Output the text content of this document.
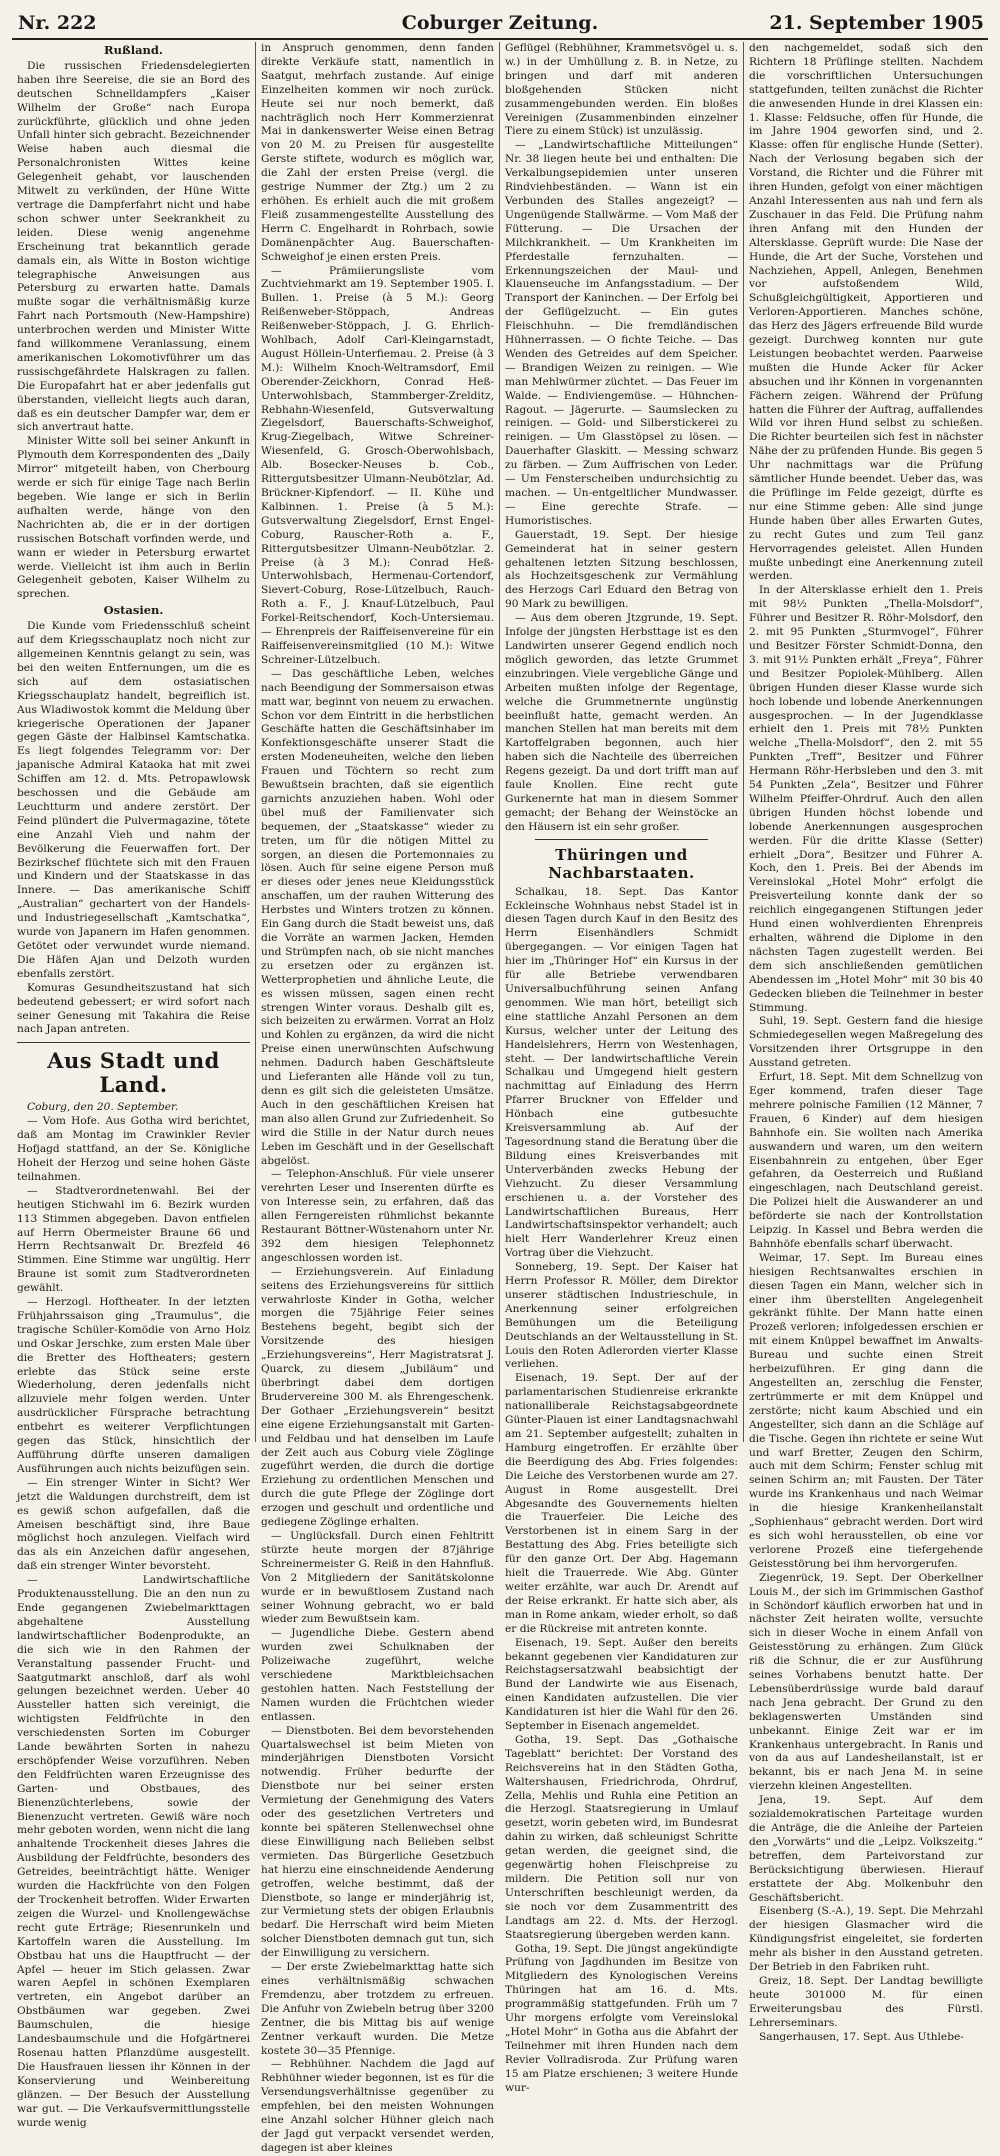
Nr. 222	Coburger Zeitung.	21. September 1905
Rußland.

Die russischen Friedensdelegierten haben ihre Seereise, die sie an Bord des deutschen Schnelldampfers „Kaiser Wilhelm der Große“ nach Europa zurückführte, glücklich und ohne jeden Unfall hinter sich gebracht. Bezeichnender Weise haben auch diesmal die Personalchronisten Wittes keine Gelegenheit gehabt, vor lauschenden Mitwelt zu verkünden, der Hüne Witte vertrage die Dampferfahrt nicht und habe schon schwer unter Seekrankheit zu leiden. Diese wenig angenehme Erscheinung trat bekanntlich gerade damals ein, als Witte in Boston wichtige telegraphische Anweisungen aus Petersburg zu erwarten hatte. Damals mußte sogar die verhältnismäßig kurze Fahrt nach Portsmouth (New-Hampshire) unterbrochen werden und Minister Witte fand willkommene Veranlassung, einem amerikanischen Lokomotivführer um das russischgefährdete Halskragen zu fallen. Die Europafahrt hat er aber jedenfalls gut überstanden, vielleicht liegts auch daran, daß es ein deutscher Dampfer war, dem er sich anvertraut hatte.

Minister Witte soll bei seiner Ankunft in Plymouth dem Korrespondenten des „Daily Mirror“ mitgeteilt haben, von Cherbourg werde er sich für einige Tage nach Berlin begeben. Wie lange er sich in Berlin aufhalten werde, hänge von den Nachrichten ab, die er in der dortigen russischen Botschaft vorfinden werde, und wann er wieder in Petersburg erwartet werde. Vielleicht ist ihm auch in Berlin Gelegenheit geboten, Kaiser Wilhelm zu sprechen.

Ostasien.

Die Kunde vom Friedensschluß scheint auf dem Kriegsschauplatz noch nicht zur allgemeinen Kenntnis gelangt zu sein, was bei den weiten Entfernungen, um die es sich auf dem ostasiatischen Kriegsschauplatz handelt, begreiflich ist. Aus Wladiwostok kommt die Meldung über kriegerische Operationen der Japaner gegen Gäste der Halbinsel Kamtschatka. Es liegt folgendes Telegramm vor: Der japanische Admiral Kataoka hat mit zwei Schiffen am 12. d. Mts. Petropawlowsk beschossen und die Gebäude am Leuchtturm und andere zerstört. Der Feind plündert die Pulvermagazine, tötete eine Anzahl Vieh und nahm der Bevölkerung die Feuerwaffen fort. Der Bezirkschef flüchtete sich mit den Frauen und Kindern und der Staatskasse in das Innere. — Das amerikanische Schiff „Australian“ gechartert von der Handels- und Industriegesellschaft „Kamtschatka“, wurde von Japanern im Hafen genommen. Getötet oder verwundet wurde niemand. Die Häfen Ajan und Delzoth wurden ebenfalls zerstört.

Komuras Gesundheitszustand hat sich bedeutend gebessert; er wird sofort nach seiner Genesung mit Takahira die Reise nach Japan antreten.

Aus Stadt und Land.

Coburg, den 20. September.

— Vom Hofe. Aus Gotha wird berichtet, daß am Montag im Crawinkler Revier Hofjagd stattfand, an der Se. Königliche Hoheit der Herzog und seine hohen Gäste teilnahmen.

— Stadtverordnetenwahl. Bei der heutigen Stichwahl im 6. Bezirk wurden 113 Stimmen abgegeben. Davon entfielen auf Herrn Obermeister Braune 66 und Herrn Rechtsanwalt Dr. Brezfeld 46 Stimmen. Eine Stimme war ungültig. Herr Braune ist somit zum Stadtverordneten gewählt.

— Herzogl. Hoftheater. In der letzten Frühjahrssaison ging „Traumulus“, die tragische Schüler-Komödie von Arno Holz und Oskar Jerschke, zum ersten Male über die Bretter des Hoftheaters; gestern erlebte das Stück seine erste Wiederholung, deren jedenfalls nicht allzuviele mehr folgen werden. Unter ausdrücklicher Fürsprache betrachtung entbehrt es weiterer Verpflichtungen gegen das Stück, hinsichtlich der Aufführung dürfte unseren damaligen Ausführungen auch nichts beizufügen sein.

— Ein strenger Winter in Sicht? Wer jetzt die Waldungen durchstreift, dem ist es gewiß schon aufgefallen, daß die Ameisen beschäftigt sind, ihre Baue möglichst hoch anzulegen. Vielfach wird das als ein Anzeichen dafür angesehen, daß ein strenger Winter bevorsteht.

— Landwirtschaftliche Produktenausstellung. Die an den nun zu Ende gegangenen Zwiebelmarkttagen abgehaltene Ausstellung landwirtschaftlicher Bodenprodukte, an die sich wie in den Rahmen der Veranstaltung passender Frucht- und Saatgutmarkt anschloß, darf als wohl gelungen bezeichnet werden. Ueber 40 Aussteller hatten sich vereinigt, die wichtigsten Feldfrüchte in den verschiedensten Sorten im Coburger Lande bewährten Sorten in nahezu erschöpfender Weise vorzuführen. Neben den Feldfrüchten waren Erzeugnisse des Garten- und Obstbaues, des Bienenzüchterlebens, sowie der Bienenzucht vertreten. Gewiß wäre noch mehr geboten worden, wenn nicht die lang anhaltende Trockenheit dieses Jahres die Ausbildung der Feldfrüchte, besonders des Getreides, beeinträchtigt hätte. Weniger wurden die Hackfrüchte von den Folgen der Trockenheit betroffen. Wider Erwarten zeigen die Wurzel- und Knollengewächse recht gute Erträge; Riesenrunkeln und Kartoffeln waren die Ausstellung. Im Obstbau hat uns die Hauptfrucht — der Apfel — heuer im Stich gelassen. Zwar waren Aepfel in schönen Exemplaren vertreten, ein Angebot darüber an Obstbäumen war gegeben. Zwei Baumschulen, die hiesige Landesbaumschule und die Hofgärtnerei Rosenau hatten Pflanzdüme ausgestellt. Die Hausfrauen liessen ihr Können in der Konservierung und Weinbereitung glänzen. — Der Besuch der Ausstellung war gut. — Die Verkaufsvermittlungsstelle wurde wenig

in Anspruch genommen, denn fanden direkte Verkäufe statt, namentlich in Saatgut, mehrfach zustande. Auf einige Einzelheiten kommen wir noch zurück. Heute sei nur noch bemerkt, daß nachträglich noch Herr Kommerzienrat Mai in dankenswerter Weise einen Betrag von 20 M. zu Preisen für ausgestellte Gerste stiftete, wodurch es möglich war, die Zahl der ersten Preise (vergl. die gestrige Nummer der Ztg.) um 2 zu erhöhen. Es erhielt auch die mit großem Fleiß zusammengestellte Ausstellung des Herrn C. Engelhardt in Rohrbach, sowie Domänenpächter Aug. Bauerschaften-Schweighof je einen ersten Preis.

— Prämiierungsliste vom Zuchtviehmarkt am 19. September 1905. I. Bullen. 1. Preise (à 5 M.): Georg Reißenweber-Stöppach, Andreas Reißenweber-Stöppach, J. G. Ehrlich-Wohlbach, Adolf Carl-Kleingarnstadt, August Höllein-Unterfiemau. 2. Preise (à 3 M.): Wilhelm Knoch-Weltramsdorf, Emil Oberender-Zeickhorn, Conrad Heß-Unterwohlsbach, Stammberger-Zrelditz, Rebhahn-Wiesenfeld, Gutsverwaltung Ziegelsdorf, Bauerschafts-Schweighof, Krug-Ziegelbach, Witwe Schreiner-Wiesenfeld, G. Grosch-Oberwohlsbach, Alb. Bosecker-Neuses b. Cob., Rittergutsbesitzer Ulmann-Neubötzlar, Ad. Brückner-Kipfendorf. — II. Kühe und Kalbinnen. 1. Preise (à 5 M.): Gutsverwaltung Ziegelsdorf, Ernst Engel-Coburg, Rauscher-Roth a. F., Rittergutsbesitzer Ulmann-Neubötzlar. 2. Preise (à 3 M.): Conrad Heß-Unterwohlsbach, Hermenau-Cortendorf, Sievert-Coburg, Rose-Lützelbuch, Rauch-Roth a. F., J. Knauf-Lützelbuch, Paul Forkel-Reitschendorf, Koch-Untersiemau. — Ehrenpreis der Raiffeisenvereine für ein Raiffeisenvereinsmitglied (10 M.): Witwe Schreiner-Lützelbuch.

— Das geschäftliche Leben, welches nach Beendigung der Sommersaison etwas matt war, beginnt von neuem zu erwachen. Schon vor dem Eintritt in die herbstlichen Geschäfte hatten die Geschäftsinhaber im Konfektionsgeschäfte unserer Stadt die ersten Modeneuheiten, welche den lieben Frauen und Töchtern so recht zum Bewußtsein brachten, daß sie eigentlich garnichts anzuziehen haben. Wohl oder übel muß der Familienvater sich bequemen, der „Staatskasse“ wieder zu treten, um für die nötigen Mittel zu sorgen, an diesen die Portemonnaies zu lösen. Auch für seine eigene Person muß er dieses oder jenes neue Kleidungsstück anschaffen, um der rauhen Witterung des Herbstes und Winters trotzen zu können. Ein Gang durch die Stadt beweist uns, daß die Vorräte an warmen Jacken, Hemden und Strümpfen nach, ob sie nicht manches zu ersetzen oder zu ergänzen ist. Wetterprophetien und ähnliche Leute, die es wissen müssen, sagen einen recht strengen Winter voraus. Deshalb gilt es, sich beizeiten zu erwärmen. Vorrat an Holz und Kohlen zu ergänzen, da wird die nicht Preise einen unerwünschten Aufschwung nehmen. Dadurch haben Geschäftsleute und Lieferanten alle Hände voll zu tun, denn es gilt sich die geleisteten Umsätze. Auch in den geschäftlichen Kreisen hat man also allen Grund zur Zufriedenheit. So wird die Stille in der Natur durch neues Leben im Geschäft und in der Gesellschaft abgelöst.

— Telephon-Anschluß. Für viele unserer verehrten Leser und Inserenten dürfte es von Interesse sein, zu erfahren, daß das allen Ferngereisten rühmlichst bekannte Restaurant Böttner-Wüstenahorn unter Nr. 392 dem hiesigen Telephonnetz angeschlossen worden ist.

— Erziehungsverein. Auf Einladung seitens des Erziehungsvereins für sittlich verwahrloste Kinder in Gotha, welcher morgen die 75jährige Feier seines Bestehens begeht, begibt sich der Vorsitzende des hiesigen „Erziehungsvereins“, Herr Magistratsrat J. Quarck, zu diesem „Jubiläum“ und überbringt dabei dem dortigen Brudervereine 300 M. als Ehrengeschenk. Der Gothaer „Erziehungsverein“ besitzt eine eigene Erziehungsanstalt mit Garten- und Feldbau und hat denselben im Laufe der Zeit auch aus Coburg viele Zöglinge zugeführt werden, die durch die dortige Erziehung zu ordentlichen Menschen und durch die gute Pflege der Zöglinge dort erzogen und geschult und ordentliche und gediegene Zöglinge erhalten.

— Unglücksfall. Durch einen Fehltritt stürzte heute morgen der 87jährige Schreinermeister G. Reiß in den Hahnfluß. Von 2 Mitgliedern der Sanitätskolonne wurde er in bewußtlosem Zustand nach seiner Wohnung gebracht, wo er bald wieder zum Bewußtsein kam.

— Jugendliche Diebe. Gestern abend wurden zwei Schulknaben der Polizeiwache zugeführt, welche verschiedene Marktbleichsachen gestohlen hatten. Nach Feststellung der Namen wurden die Früchtchen wieder entlassen.

— Dienstboten. Bei dem bevorstehenden Quartalswechsel ist beim Mieten von minderjährigen Dienstboten Vorsicht notwendig. Früher bedurfte der Dienstbote nur bei seiner ersten Vermietung der Genehmigung des Vaters oder des gesetzlichen Vertreters und konnte bei späteren Stellenwechsel ohne diese Einwilligung nach Belieben selbst vermieten. Das Bürgerliche Gesetzbuch hat hierzu eine einschneidende Aenderung getroffen, welche bestimmt, daß der Dienstbote, so lange er minderjährig ist, zur Vermietung stets der obigen Erlaubnis bedarf. Die Herrschaft wird beim Mieten solcher Dienstboten demnach gut tun, sich der Einwilligung zu versichern.

— Der erste Zwiebelmarkttag hatte sich eines verhältnismäßig schwachen Fremdenzu, aber trotzdem zu erfreuen. Die Anfuhr von Zwiebeln betrug über 3200 Zentner, die bis Mittag bis auf wenige Zentner verkauft wurden. Die Metze kostete 30—35 Pfennige.

— Rebhühner. Nachdem die Jagd auf Rebhühner wieder begonnen, ist es für die Versendungsverhältnisse gegenüber zu empfehlen, bei den meisten Wohnungen eine Anzahl solcher Hühner gleich nach der Jagd gut verpackt versendet werden, dagegen ist aber kleines

Geflügel (Rebhühner, Krammetsvögel u. s. w.) in der Umhüllung z. B. in Netze, zu bringen und darf mit anderen bloßgehenden Stücken nicht zusammengebunden werden. Ein bloßes Vereinigen (Zusammenbinden einzelner Tiere zu einem Stück) ist unzulässig.

— „Landwirtschaftliche Mitteilungen“ Nr. 38 liegen heute bei und enthalten: Die Verkalbungsepidemien unter unseren Rindviehbeständen. — Wann ist ein Verbunden des Stalles angezeigt? — Ungenügende Stallwärme. — Vom Maß der Fütterung. — Die Ursachen der Milchkrankheit. — Um Krankheiten im Pferdestalle fernzuhalten. — Erkennungszeichen der Maul- und Klauenseuche im Anfangsstadium. — Der Transport der Kaninchen. — Der Erfolg bei der Geflügelzucht. — Ein gutes Fleischhuhn. — Die fremdländischen Hühnerrassen. — O fichte Teiche. — Das Wenden des Getreides auf dem Speicher. — Brandigen Weizen zu reinigen. — Wie man Mehlwürmer züchtet. — Das Feuer im Walde. — Endiviengemüse. — Hühnchen-Ragout. — Jägerurte. — Saumslecken zu reinigen. — Gold- und Silberstickerei zu reinigen. — Um Glasstöpsel zu lösen. — Dauerhafter Glaskitt. — Messing schwarz zu färben. — Zum Auffrischen von Leder. — Um Fensterscheiben undurchsichtig zu machen. — Un-entgeltlicher Mundwasser. — Eine gerechte Strafe. — Humoristisches.

Gauerstadt, 19. Sept. Der hiesige Gemeinderat hat in seiner gestern gehaltenen letzten Sitzung beschlossen, als Hochzeitsgeschenk zur Vermählung des Herzogs Carl Eduard den Betrag von 90 Mark zu bewilligen.

— Aus dem oberen Jtzgrunde, 19. Sept. Infolge der jüngsten Herbsttage ist es den Landwirten unserer Gegend endlich noch möglich geworden, das letzte Grummet einzubringen. Viele vergebliche Gänge und Arbeiten mußten infolge der Regentage, welche die Grummetnernte ungünstig beeinflußt hatte, gemacht werden. An manchen Stellen hat man bereits mit dem Kartoffelgraben begonnen, auch hier haben sich die Nachteile des überreichen Regens gezeigt. Da und dort trifft man auf faule Knollen. Eine recht gute Gurkenernte hat man in diesem Sommer gemacht; der Behang der Weinstöcke an den Häusern ist ein sehr großer.

Thüringen und Nachbarstaaten.

Schalkau, 18. Sept. Das Kantor Eckleinsche Wohnhaus nebst Stadel ist in diesen Tagen durch Kauf in den Besitz des Herrn Eisenhändlers Schmidt übergegangen. — Vor einigen Tagen hat hier im „Thüringer Hof“ ein Kursus in der für alle Betriebe verwendbaren Universalbuchführung seinen Anfang genommen. Wie man hört, beteiligt sich eine stattliche Anzahl Personen an dem Kursus, welcher unter der Leitung des Handelslehrers, Herrn von Westenhagen, steht. — Der landwirtschaftliche Verein Schalkau und Umgegend hielt gestern nachmittag auf Einladung des Herrn Pfarrer Bruckner von Effelder und Hönbach eine gutbesuchte Kreisversammlung ab. Auf der Tagesordnung stand die Beratung über die Bildung eines Kreisverbandes mit Unterverbänden zwecks Hebung der Viehzucht. Zu dieser Versammlung erschienen u. a. der Vorsteher des Landwirtschaftlichen Bureaus, Herr Landwirtschaftsinspektor verhandelt; auch hielt Herr Wanderlehrer Kreuz einen Vortrag über die Viehzucht.

Sonneberg, 19. Sept. Der Kaiser hat Herrn Professor R. Möller, dem Direktor unserer städtischen Industrieschule, in Anerkennung seiner erfolgreichen Bemühungen um die Beteiligung Deutschlands an der Weltausstellung in St. Louis den Roten Adlerorden vierter Klasse verliehen.

Eisenach, 19. Sept. Der auf der parlamentarischen Studienreise erkrankte nationalliberale Reichstagsabgeordnete Günter-Plauen ist einer Landtagsnachwahl am 21. September aufgestellt; zuhalten in Hamburg eingetroffen. Er erzählte über die Beerdigung des Abg. Fries folgendes: Die Leiche des Verstorbenen wurde am 27. August in Rome ausgestellt. Drei Abgesandte des Gouvernements hielten die Trauerfeier. Die Leiche des Verstorbenen ist in einem Sarg in der Bestattung des Abg. Fries beteiligte sich für den ganze Ort. Der Abg. Hagemann hielt die Trauerrede. Wie Abg. Günter weiter erzählte, war auch Dr. Arendt auf der Reise erkrankt. Er hatte sich aber, als man in Rome ankam, wieder erholt, so daß er die Rückreise mit antreten konnte.

Eisenach, 19. Sept. Außer den bereits bekannt gegebenen vier Kandidaturen zur Reichstagsersatzwahl beabsichtigt der Bund der Landwirte wie aus Eisenach, einen Kandidaten aufzustellen. Die vier Kandidaturen ist hier die Wahl für den 26. September in Eisenach angemeldet.

Gotha, 19. Sept. Das „Gothaische Tageblatt“ berichtet: Der Vorstand des Reichsvereins hat in den Städten Gotha, Waltershausen, Friedrichroda, Ohrdruf, Zella, Mehlis und Ruhla eine Petition an die Herzogl. Staatsregierung in Umlauf gesetzt, worin gebeten wird, im Bundesrat dahin zu wirken, daß schleunigst Schritte getan werden, die geeignet sind, die gegenwärtig hohen Fleischpreise zu mildern. Die Petition soll nur von Unterschriften beschleunigt werden, da sie noch vor dem Zusammentritt des Landtags am 22. d. Mts. der Herzogl. Staatsregierung übergeben werden kann.

Gotha, 19. Sept. Die jüngst angekündigte Prüfung von Jagdhunden im Besitze von Mitgliedern des Kynologischen Vereins Thüringen hat am 16. d. Mts. programmäßig stattgefunden. Früh um 7 Uhr morgens erfolgte vom Vereinslokal „Hotel Mohr“ in Gotha aus die Abfahrt der Teilnehmer mit ihren Hunden nach dem Revier Vollradisroda. Zur Prüfung waren 15 am Platze erschienen; 3 weitere Hunde wur-

den nachgemeldet, sodaß sich den Richtern 18 Prüflinge stellten. Nachdem die vorschriftlichen Untersuchungen stattgefunden, teilten zunächst die Richter die anwesenden Hunde in drei Klassen ein: 1. Klasse: Feldsuche, offen für Hunde, die im Jahre 1904 geworfen sind, und 2. Klasse: offen für englische Hunde (Setter). Nach der Verlosung begaben sich der Vorstand, die Richter und die Führer mit ihren Hunden, gefolgt von einer mächtigen Anzahl Interessenten aus nah und fern als Zuschauer in das Feld. Die Prüfung nahm ihren Anfang mit den Hunden der Altersklasse. Geprüft wurde: Die Nase der Hunde, die Art der Suche, Vorstehen und Nachziehen, Appell, Anlegen, Benehmen vor aufstoßendem Wild, Schußgleichgültigkeit, Apportieren und Verloren-Apportieren. Manches schöne, das Herz des Jägers erfreuende Bild wurde gezeigt. Durchweg konnten nur gute Leistungen beobachtet werden. Paarweise mußten die Hunde Acker für Acker absuchen und ihr Können in vorgenannten Fächern zeigen. Während der Prüfung hatten die Führer der Auftrag, auffallendes Wild vor ihren Hund selbst zu schießen. Die Richter beurteilen sich fest in nächster Nähe der zu prüfenden Hunde. Bis gegen 5 Uhr nachmittags war die Prüfung sämtlicher Hunde beendet. Ueber das, was die Prüflinge im Felde gezeigt, dürfte es nur eine Stimme geben: Alle sind junge Hunde haben über alles Erwarten Gutes, zu recht Gutes und zum Teil ganz Hervorragendes geleistet. Allen Hunden mußte unbedingt eine Anerkennung zuteil werden.

In der Altersklasse erhielt den 1. Preis mit 98½ Punkten „Thella-Molsdorf“, Führer und Besitzer R. Röhr-Molsdorf, den 2. mit 95 Punkten „Sturmvogel“, Führer und Besitzer Förster Schmidt-Donna, den 3. mit 91½ Punkten erhält „Freya“, Führer und Besitzer Popiolek-Mühlberg. Allen übrigen Hunden dieser Klasse wurde sich hoch lobende und lobende Anerkennungen ausgesprochen. — In der Jugendklasse erhielt den 1. Preis mit 78½ Punkten welche „Thella-Molsdorf“, den 2. mit 55 Punkten „Treff“, Besitzer und Führer Hermann Röhr-Herbsleben und den 3. mit 54 Punkten „Zela“, Besitzer und Führer Wilhelm Pfeiffer-Ohrdruf. Auch den allen übrigen Hunden höchst lobende und lobende Anerkennungen ausgesprochen werden. Für die dritte Klasse (Setter) erhielt „Dora“, Besitzer und Führer A. Koch, den 1. Preis. Bei der Abends im Vereinslokal „Hotel Mohr“ erfolgt die Preisverteilung konnte dank der so reichlich eingegangenen Stiftungen jeder Hund einen wohlverdienten Ehrenpreis erhalten, während die Diplome in den nächsten Tagen zugestellt werden. Bei dem sich anschließenden gemütlichen Abendessen im „Hotel Mohr“ mit 30 bis 40 Gedecken blieben die Teilnehmer in bester Stimmung.

Suhl, 19. Sept. Gestern fand die hiesige Schmiedegesellen wegen Maßregelung des Vorsitzenden ihrer Ortsgruppe in den Ausstand getreten.

Erfurt, 18. Sept. Mit dem Schnellzug von Eger kommend, trafen dieser Tage mehrere polnische Familien (12 Männer, 7 Frauen, 6 Kinder) auf dem hiesigen Bahnhofe ein. Sie wollten nach Amerika auswandern und waren, um den weitern Eisenbahnrein zu entgehen, über Eger gefahren, da Oesterreich und Rußland eingeschlagen, nach Deutschland gereist. Die Polizei hielt die Auswanderer an und beförderte sie nach der Kontrollstation Leipzig. In Kassel und Bebra werden die Bahnhöfe ebenfalls scharf überwacht.

Weimar, 17. Sept. Im Bureau eines hiesigen Rechtsanwaltes erschien in diesen Tagen ein Mann, welcher sich in einer ihm überstellten Angelegenheit gekränkt fühlte. Der Mann hatte einen Prozeß verloren; infolgedessen erschien er mit einem Knüppel bewaffnet im Anwalts-Bureau und suchte einen Streit herbeizuführen. Er ging dann die Angestellten an, zerschlug die Fenster, zertrümmerte er mit dem Knüppel und zerstörte; nicht kaum Abschied und ein Angestellter, sich dann an die Schläge auf die Tische. Gegen ihn richtete er seine Wut und warf Bretter, Zeugen den Schirm, auch mit dem Schirm; Fenster schlug mit seinen Schirm an; mit Fausten. Der Täter wurde ins Krankenhaus und nach Weimar in die hiesige Krankenheilanstalt „Sophienhaus“ gebracht werden. Dort wird es sich wohl herausstellen, ob eine vor verlorene Prozeß eine tiefergehende Geistesstörung bei ihm hervorgerufen.

Ziegenrück, 19. Sept. Der Oberkellner Louis M., der sich im Grimmischen Gasthof in Schöndorf käuflich erworben hat und in nächster Zeit heiraten wollte, versuchte sich in dieser Woche in einem Anfall von Geistesstörung zu erhängen. Zum Glück riß die Schnur, die er zur Ausführung seines Vorhabens benutzt hatte. Der Lebensüberdrüssige wurde bald darauf nach Jena gebracht. Der Grund zu den beklagenswerten Umständen sind unbekannt. Einige Zeit war er im Krankenhaus untergebracht. In Ranis und von da aus auf Landesheilanstalt, ist er bekannt, bis er nach Jena M. in seine vierzehn kleinen Angestellten.

Jena, 19. Sept. Auf dem sozialdemokratischen Parteitage wurden die Anträge, die die Anleihe der Parteien den „Vorwärts“ und die „Leipz. Volkszeitg.“ betreffen, dem Parteivorstand zur Berücksichtigung überwiesen. Hierauf erstattete der Abg. Molkenbuhr den Geschäftsbericht.

Eisenberg (S.-A.), 19. Sept. Die Mehrzahl der hiesigen Glasmacher wird die Kündigungsfrist eingeleitet, sie forderten mehr als bisher in den Ausstand getreten. Der Betrieb in den Fabriken ruht.

Greiz, 18. Sept. Der Landtag bewilligte heute 301000 M. für einen Erweiterungsbau des Fürstl. Lehrerseminars.

Sangerhausen, 17. Sept. Aus Uthlebe-
